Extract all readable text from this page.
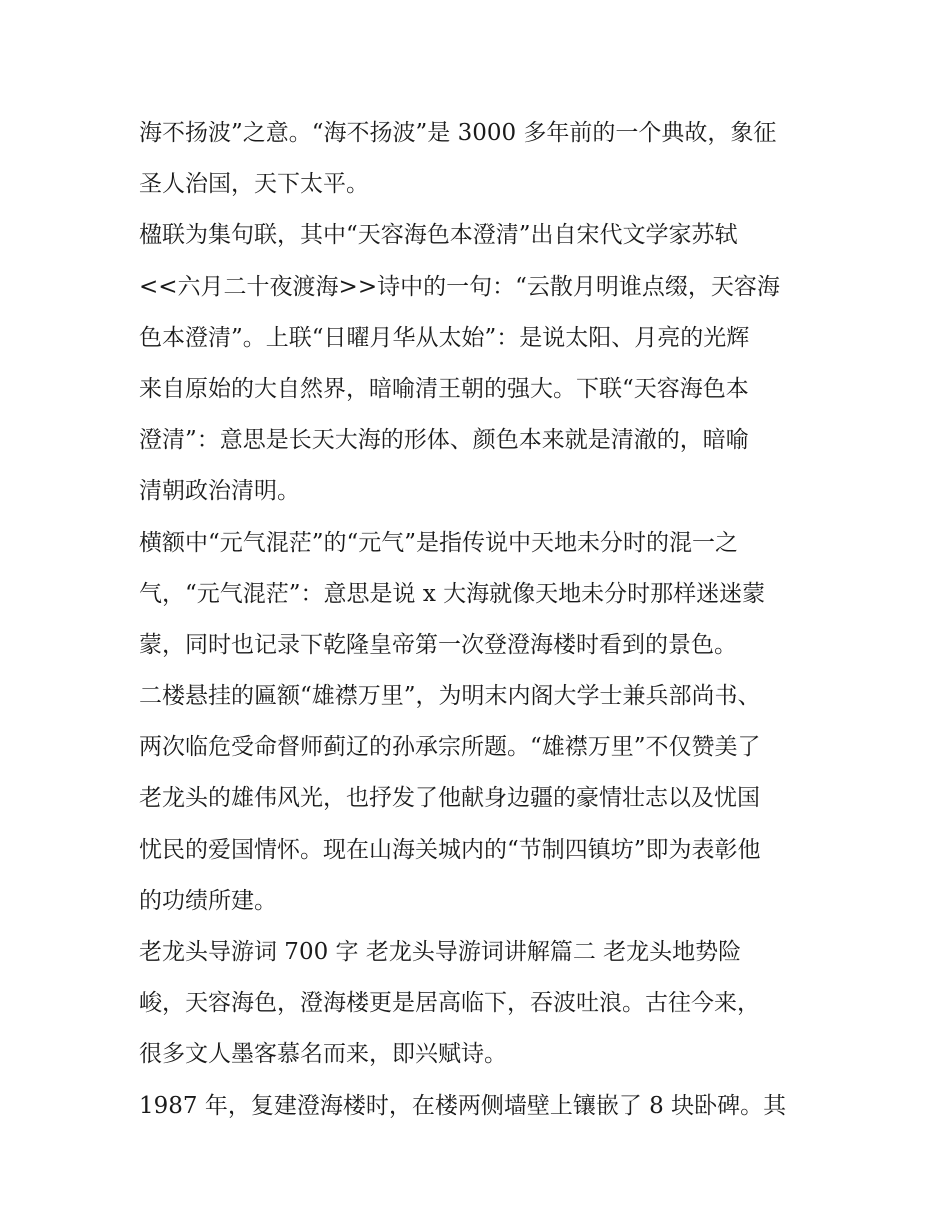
海不扬波”之意。“海不扬波”是 3000 多年前的一个典故，象征
圣人治国，天下太平。
楹联为集句联，其中“天容海色本澄清”出自宋代文学家苏轼
<<六月二十夜渡海>>诗中的一句：“云散月明谁点缀，天容海
色本澄清”。上联“日曜月华从太始”：是说太阳、月亮的光辉
来自原始的大自然界，暗喻清王朝的强大。下联“天容海色本
澄清”：意思是长天大海的形体、颜色本来就是清澈的，暗喻
清朝政治清明。
横额中“元气混茫”的“元气”是指传说中天地未分时的混一之
气，“元气混茫”：意思是说 x 大海就像天地未分时那样迷迷蒙
蒙，同时也记录下乾隆皇帝第一次登澄海楼时看到的景色。
二楼悬挂的匾额“雄襟万里”，为明末内阁大学士兼兵部尚书、
两次临危受命督师蓟辽的孙承宗所题。“雄襟万里”不仅赞美了
老龙头的雄伟风光，也抒发了他献身边疆的豪情壮志以及忧国
忧民的爱国情怀。现在山海关城内的“节制四镇坊”即为表彰他
的功绩所建。
老龙头导游词 700 字 老龙头导游词讲解篇二 老龙头地势险
峻，天容海色，澄海楼更是居高临下，吞波吐浪。古往今来，
很多文人墨客慕名而来，即兴赋诗。
1987 年，复建澄海楼时，在楼两侧墙壁上镶嵌了 8 块卧碑。其
